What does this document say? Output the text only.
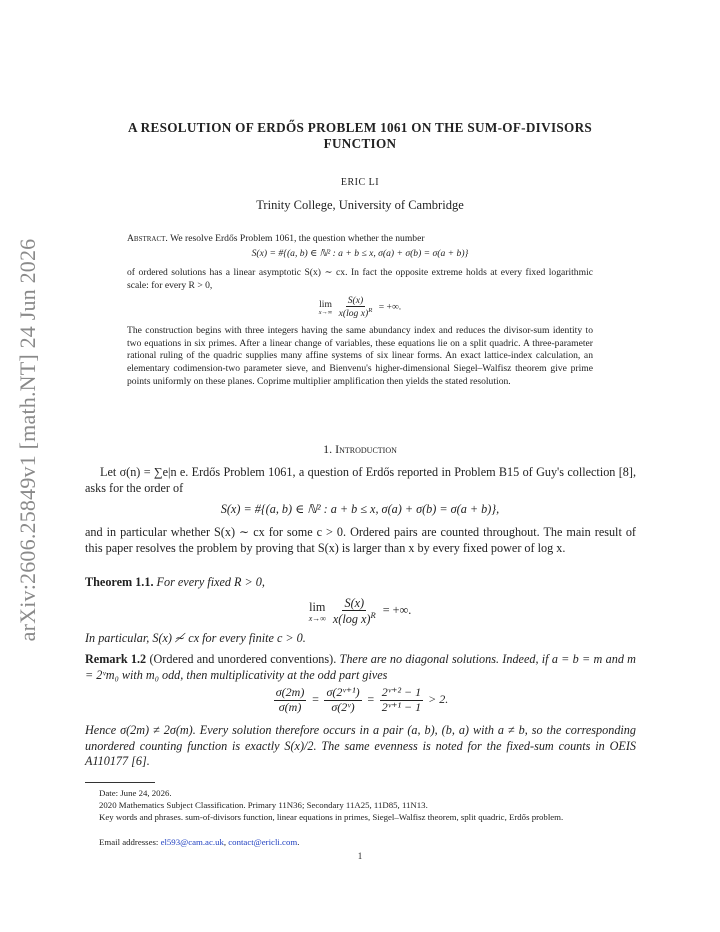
arXiv:2606.25849v1 [math.NT] 24 Jun 2026
A RESOLUTION OF ERDŐS PROBLEM 1061 ON THE SUM-OF-DIVISORS FUNCTION
ERIC LI
Trinity College, University of Cambridge
Abstract. We resolve Erdős Problem 1061, the question whether the number
S(x) = #{(a, b) ∈ ℕ² : a + b ≤ x, σ(a) + σ(b) = σ(a + b)}
of ordered solutions has a linear asymptotic S(x) ∼ cx. In fact the opposite extreme holds at every fixed logarithmic scale: for every R > 0,
lim
x→∞
$\frac{S(x)}{x(\log x)^R}$ = +∞.
The construction begins with three integers having the same abundancy index and reduces the divisor-sum identity to two equations in six primes. After a linear change of variables, these equations lie on a split quadric. A three-parameter rational ruling of the quadric supplies many affine systems of six linear forms. An exact lattice-index calculation, an elementary codimension-two parameter sieve, and Bienvenu's higher-dimensional Siegel–Walfisz theorem give prime points uniformly on these planes. Coprime multiplier amplification then yields the stated resolution.
1. Introduction
Let σ(n) = ∑e|n e. Erdős Problem 1061, a question of Erdős reported in Problem B15 of Guy's collection [8], asks for the order of
S(x) = #{(a, b) ∈ ℕ² : a + b ≤ x, σ(a) + σ(b) = σ(a + b)},
and in particular whether S(x) ∼ cx for some c > 0. Ordered pairs are counted throughout. The main result of this paper resolves the problem by proving that S(x) is larger than x by every fixed power of log x.
Theorem 1.1. For every fixed R > 0,
lim
x→∞
$\frac{S(x)}{x(\log x)^R}$ = +∞.
In particular, S(x) ≁ cx for every finite c > 0.
Remark 1.2 (Ordered and unordered conventions). There are no diagonal solutions. Indeed, if a = b = m and m = 2ᵛm₀ with m₀ odd, then multiplicativity at the odd part gives
$\frac{\sigma(2m)}{\sigma(m)} = \frac{\text{σ(2ᵛ⁺¹)}}{\text{σ(2ᵛ)}} = \frac{\text{2ᵛ⁺² − 1}}{\text{2ᵛ⁺¹ − 1}} > 2$.
Hence σ(2m) ≠ 2σ(m). Every solution therefore occurs in a pair (a, b), (b, a) with a ≠ b, so the corresponding unordered counting function is exactly S(x)/2. The same evenness is noted for the fixed-sum counts in OEIS A110177 [6].
Date: June 24, 2026.
2020 Mathematics Subject Classification. Primary 11N36; Secondary 11A25, 11D85, 11N13.
Key words and phrases. sum-of-divisors function, linear equations in primes, Siegel–Walfisz theorem, split quadric, Erdős problem.
Email addresses: el593@cam.ac.uk, contact@ericli.com.
1
